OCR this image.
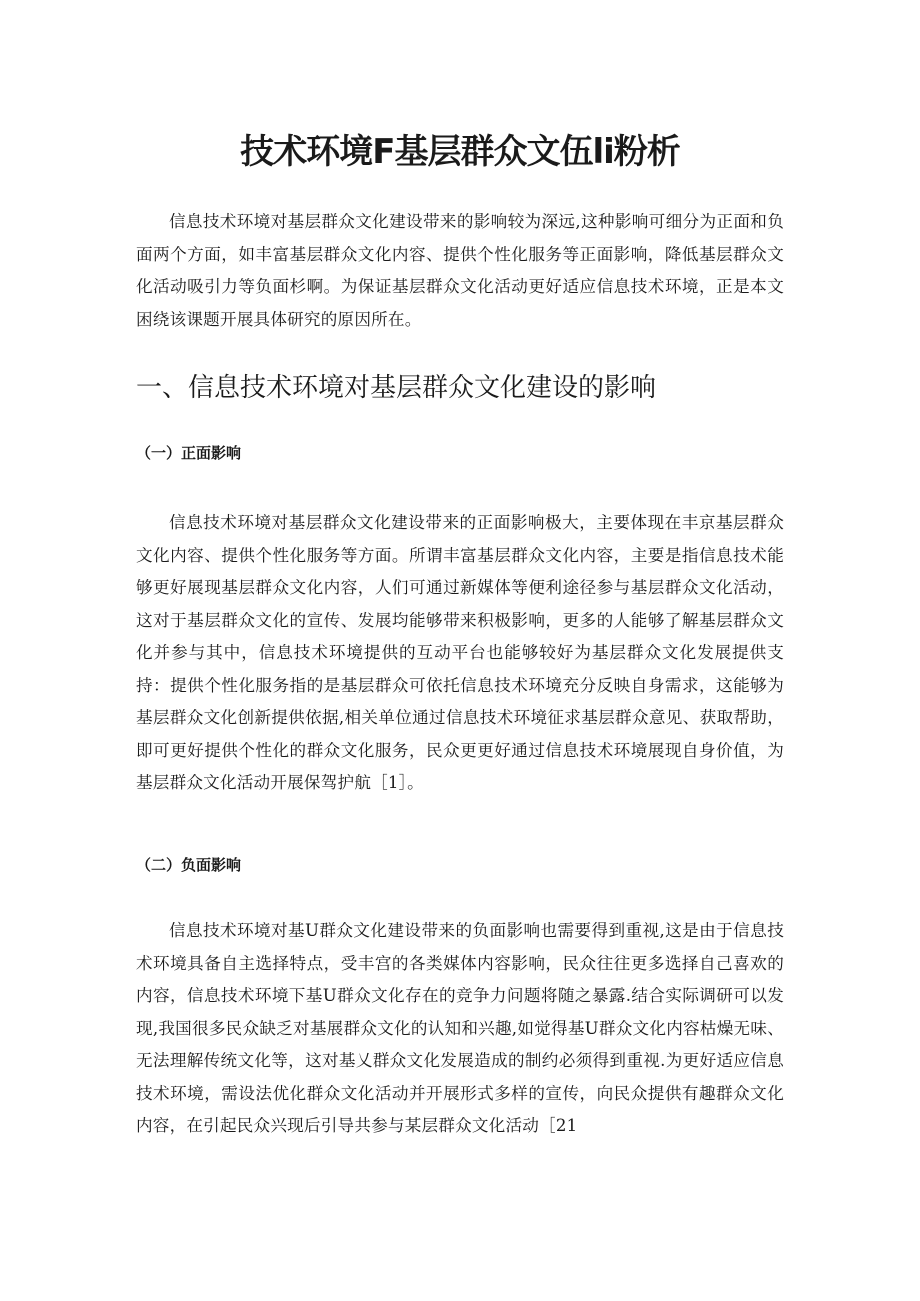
技术环境F基层群众文伍li粉析

信息技术环境对基层群众文化建设带来的影响较为深远,这种影响可细分为正面和负面两个方面，如丰富基层群众文化内容、提供个性化服务等正面影响，降低基层群众文化活动吸引力等负面杉啊。为保证基层群众文化活动更好适应信息技术环境，正是本文困绕该课题开展具体研究的原因所在。

一、信息技术环境对基层群众文化建设的影响
（一）正面影响

信息技术环境对基层群众文化建设带来的正面影响极大，主要体现在丰京基层群众文化内容、提供个性化服务等方面。所谓丰富基层群众文化内容，主要是指信息技术能够更好展现基层群众文化内容，人们可通过新媒体等便利途径参与基层群众文化活动，这对于基层群众文化的宣传、发展均能够带来积极影响，更多的人能够了解基层群众文化并参与其中，信息技术环境提供的互动平台也能够较好为基层群众文化发展提供支持：提供个性化服务指的是基层群众可依托信息技术环境充分反映自身需求，这能够为基层群众文化创新提供依据,相关单位通过信息技术环境征求基层群众意见、获取帮助，即可更好提供个性化的群众文化服务，民众更更好通过信息技术环境展现自身价值，为基层群众文化活动开展保驾护航［1］。

（二）负面影响

信息技术环境对基U群众文化建设带来的负面影响也需要得到重视,这是由于信息技术环境具备自主选择特点，受丰宫的各类媒体内容影响，民众往往更多选择自己喜欢的内容，信息技术环境下基U群众文化存在的竞争力问题将随之暴露.结合实际调研可以发现,我国很多民众缺乏对基展群众文化的认知和兴趣,如觉得基U群众文化内容枯燥无味、无法理解传统文化等，这对基乂群众文化发展造成的制约必须得到重视.为更好适应信息技术环境，需设法优化群众文化活动并开展形式多样的宣传，向民众提供有趣群众文化内容，在引起民众兴现后引导共参与某层群众文化活动［21
